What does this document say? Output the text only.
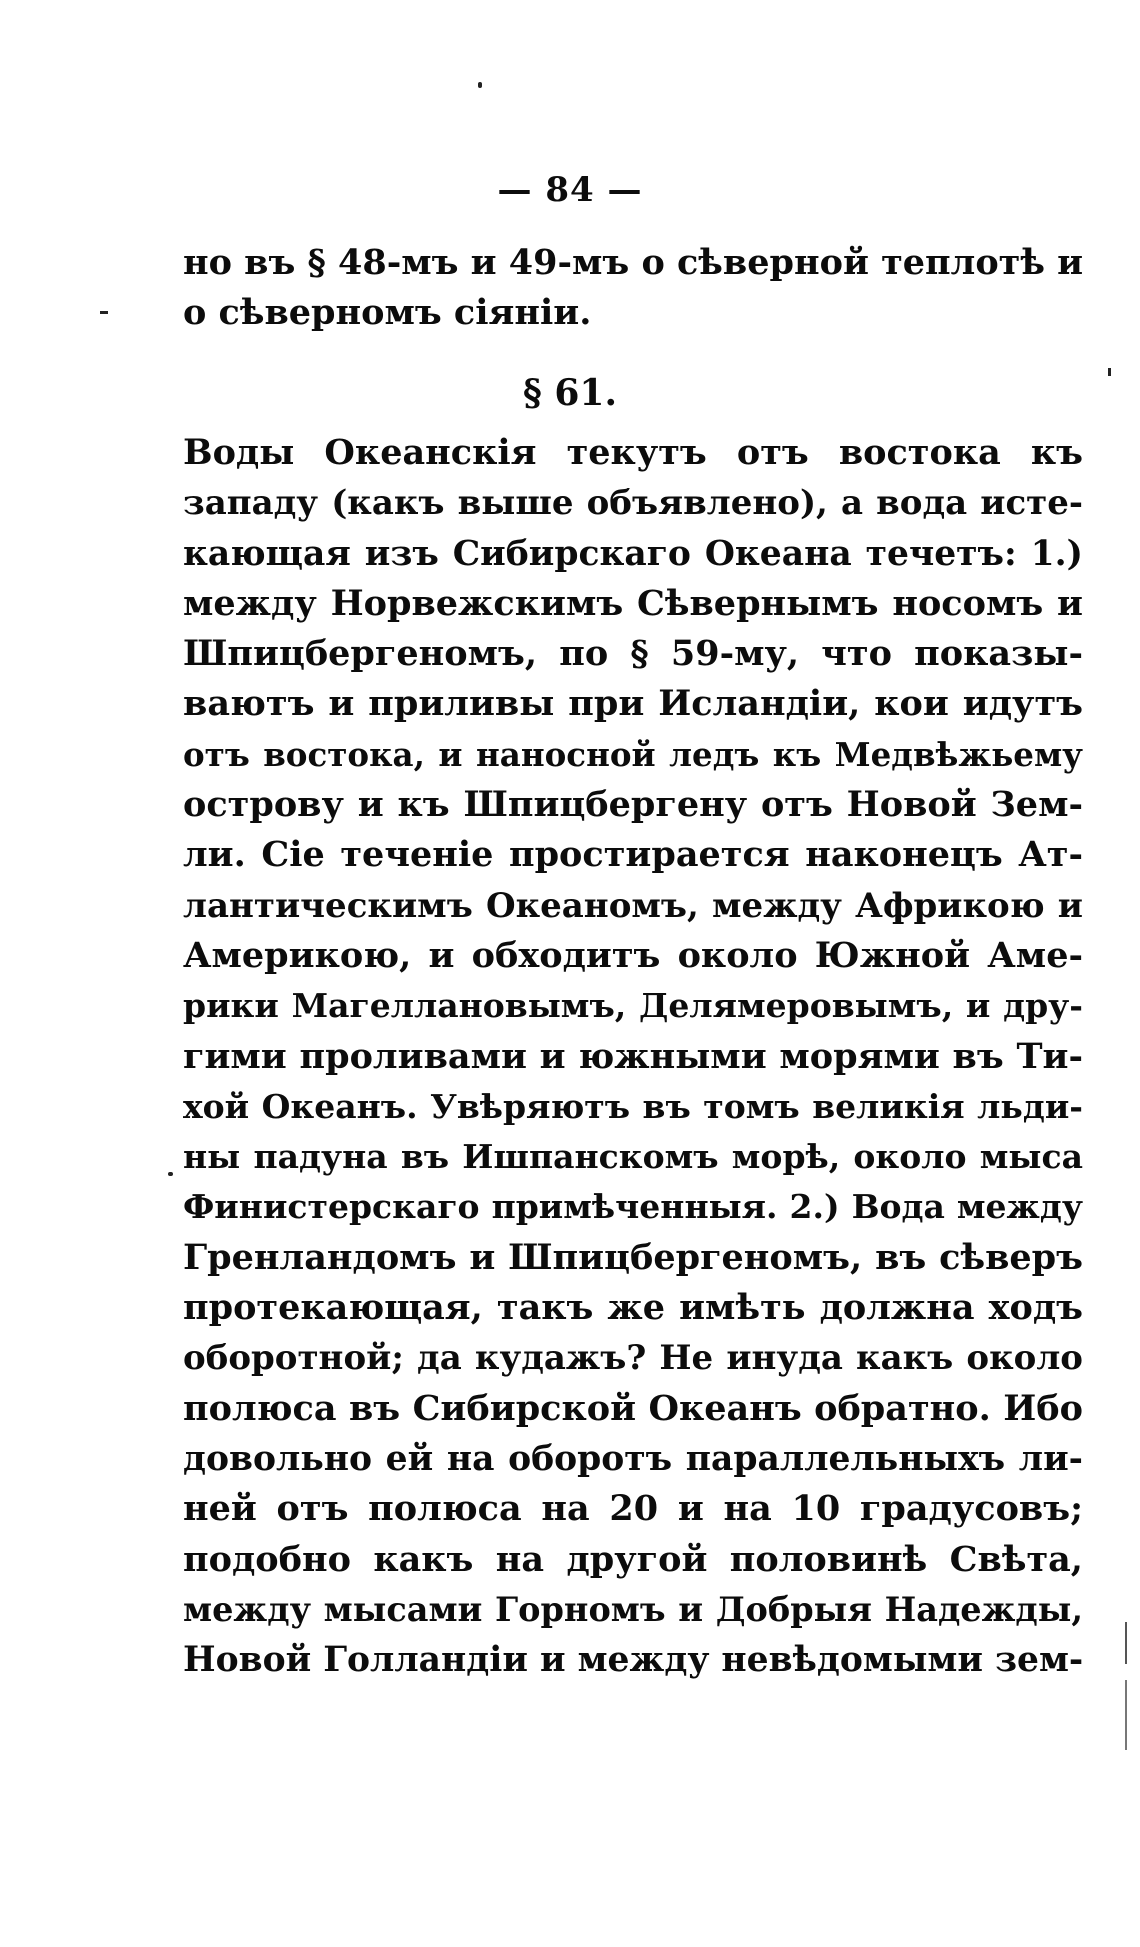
— 84 —
но въ § 48-мъ и 49-мъ о сѣверной теплотѣ и
о сѣверномъ сіяніи.
§ 61.
Воды Океанскія текутъ отъ востока къ
западу (какъ выше объявлено), а вода исте-
кающая изъ Сибирскаго Океана течетъ: 1.)
между Норвежскимъ Сѣвернымъ носомъ и
Шпицбергеномъ, по § 59-му, что показы-
ваютъ и приливы при Исландіи, кои идутъ
отъ востока, и наносной ледъ къ Медвѣжьему
острову и къ Шпицбергену отъ Новой Зем-
ли. Сіе теченіе простирается наконецъ Ат-
лантическимъ Океаномъ, между Африкою и
Америкою, и обходитъ около Южной Аме-
рики Магеллановымъ, Делямеровымъ, и дру-
гими проливами и южными морями въ Ти-
хой Океанъ. Увѣряютъ въ томъ великія льди-
ны падуна въ Ишпанскомъ морѣ, около мыса
Финистерскаго примѣченныя. 2.) Вода между
Гренландомъ и Шпицбергеномъ, въ сѣверъ
протекающая, такъ же имѣть должна ходъ
оборотной; да кудажъ? Не инуда какъ около
полюса въ Сибирской Океанъ обратно. Ибо
довольно ей на оборотъ параллельныхъ ли-
ней отъ полюса на 20 и на 10 градусовъ;
подобно какъ на другой половинѣ Свѣта,
между мысами Горномъ и Добрыя Надежды,
Новой Голландіи и между невѣдомыми зем-
